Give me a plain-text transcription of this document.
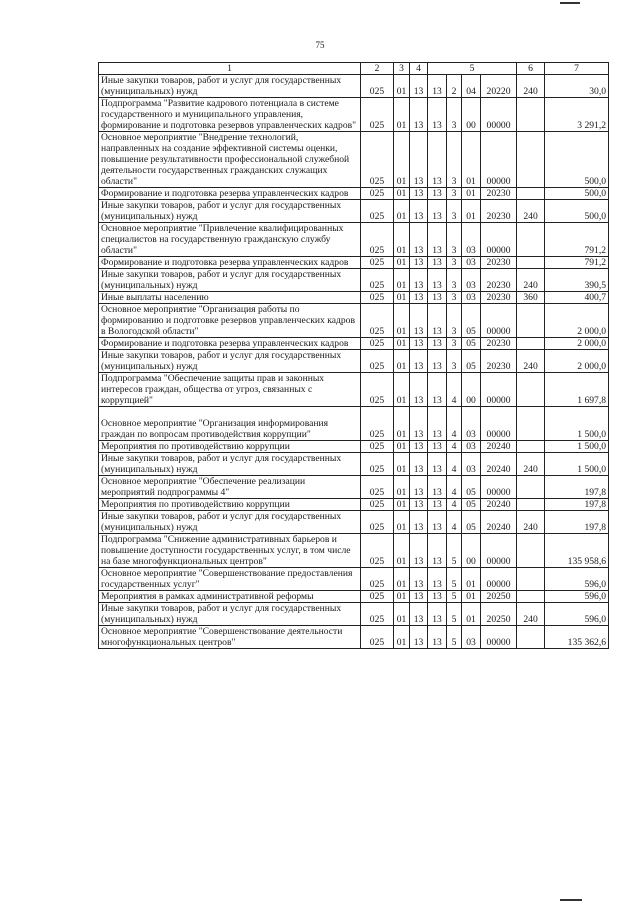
75
1	2	3	4	5				6	7
Иные закупки товаров, работ и услуг для государственных (муниципальных) нужд	025	01	13	13	2	04	20220	240	30,0
Подпрограмма "Развитие кадрового потенциала в системе государственного и муниципального управления, формирование и подготовка резервов управленческих кадров"	025	01	13	13	3	00	00000		3 291,2
Основное мероприятие "Внедрение технологий, направленных на создание эффективной системы оценки, повышение результативности профессиональной служебной деятельности государственных гражданских служащих области"	025	01	13	13	3	01	00000		500,0
Формирование и подготовка резерва управленческих кадров	025	01	13	13	3	01	20230		500,0
Иные закупки товаров, работ и услуг для государственных (муниципальных) нужд	025	01	13	13	3	01	20230	240	500,0
Основное мероприятие "Привлечение квалифицированных специалистов на государственную гражданскую службу области"	025	01	13	13	3	03	00000		791,2
Формирование и подготовка резерва управленческих кадров	025	01	13	13	3	03	20230		791,2
Иные закупки товаров, работ и услуг для государственных (муниципальных) нужд	025	01	13	13	3	03	20230	240	390,5
Иные выплаты населению	025	01	13	13	3	03	20230	360	400,7
Основное мероприятие "Организация работы по формированию и подготовке резервов управленческих кадров в Вологодской области"	025	01	13	13	3	05	00000		2 000,0
Формирование и подготовка резерва управленческих кадров	025	01	13	13	3	05	20230		2 000,0
Иные закупки товаров, работ и услуг для государственных (муниципальных) нужд	025	01	13	13	3	05	20230	240	2 000,0
Подпрограмма "Обеспечение защиты прав и законных интересов граждан, общества от угроз, связанных с коррупцией"	025	01	13	13	4	00	00000		1 697,8
Основное мероприятие "Организация информирования граждан по вопросам противодействия коррупции"	025	01	13	13	4	03	00000		1 500,0
Мероприятия по противодействию коррупции	025	01	13	13	4	03	20240		1 500,0
Иные закупки товаров, работ и услуг для государственных (муниципальных) нужд	025	01	13	13	4	03	20240	240	1 500,0
Основное мероприятие "Обеспечение реализации мероприятий подпрограммы 4"	025	01	13	13	4	05	00000		197,8
Мероприятия по противодействию коррупции	025	01	13	13	4	05	20240		197,8
Иные закупки товаров, работ и услуг для государственных (муниципальных) нужд	025	01	13	13	4	05	20240	240	197,8
Подпрограмма "Снижение административных барьеров и повышение доступности государственных услуг, в том числе на базе многофункциональных центров"	025	01	13	13	5	00	00000		135 958,6
Основное мероприятие "Совершенствование предоставления государственных услуг"	025	01	13	13	5	01	00000		596,0
Мероприятия в рамках административной реформы	025	01	13	13	5	01	20250		596,0
Иные закупки товаров, работ и услуг для государственных (муниципальных) нужд	025	01	13	13	5	01	20250	240	596,0
Основное мероприятие "Совершенствование деятельности многофункциональных центров"	025	01	13	13	5	03	00000		135 362,6
